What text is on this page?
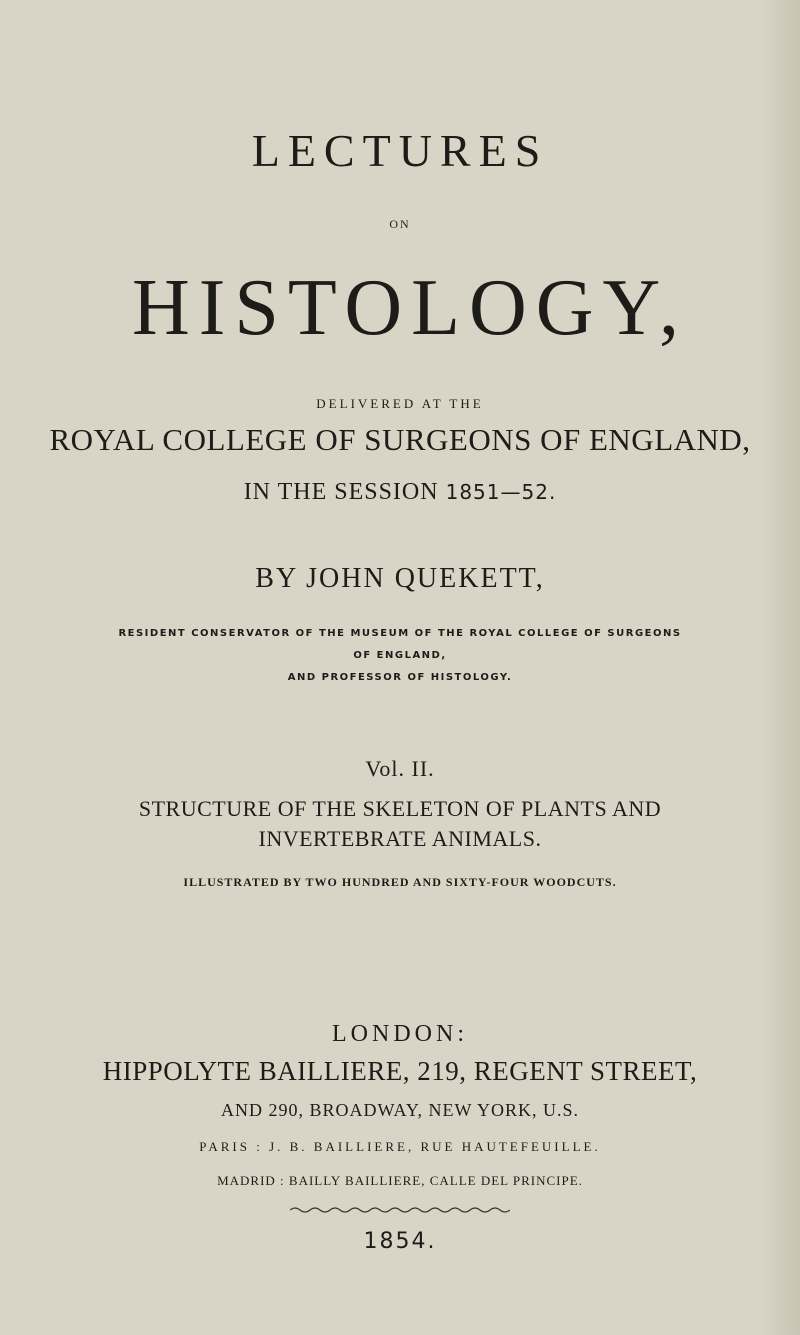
LECTURES
ON
HISTOLOGY,
DELIVERED AT THE
ROYAL COLLEGE OF SURGEONS OF ENGLAND,
IN THE SESSION 1851—52.
BY JOHN QUEKETT,
RESIDENT CONSERVATOR OF THE MUSEUM OF THE ROYAL COLLEGE OF SURGEONS
OF ENGLAND,
AND PROFESSOR OF HISTOLOGY.
Vol. II.
STRUCTURE OF THE SKELETON OF PLANTS AND
INVERTEBRATE ANIMALS.
ILLUSTRATED BY TWO HUNDRED AND SIXTY-FOUR WOODCUTS.
LONDON:
HIPPOLYTE BAILLIERE, 219, REGENT STREET,
AND 290, BROADWAY, NEW YORK, U.S.
PARIS : J. B. BAILLIERE, RUE HAUTEFEUILLE.
MADRID : BAILLY BAILLIERE, CALLE DEL PRINCIPE.
1854.
